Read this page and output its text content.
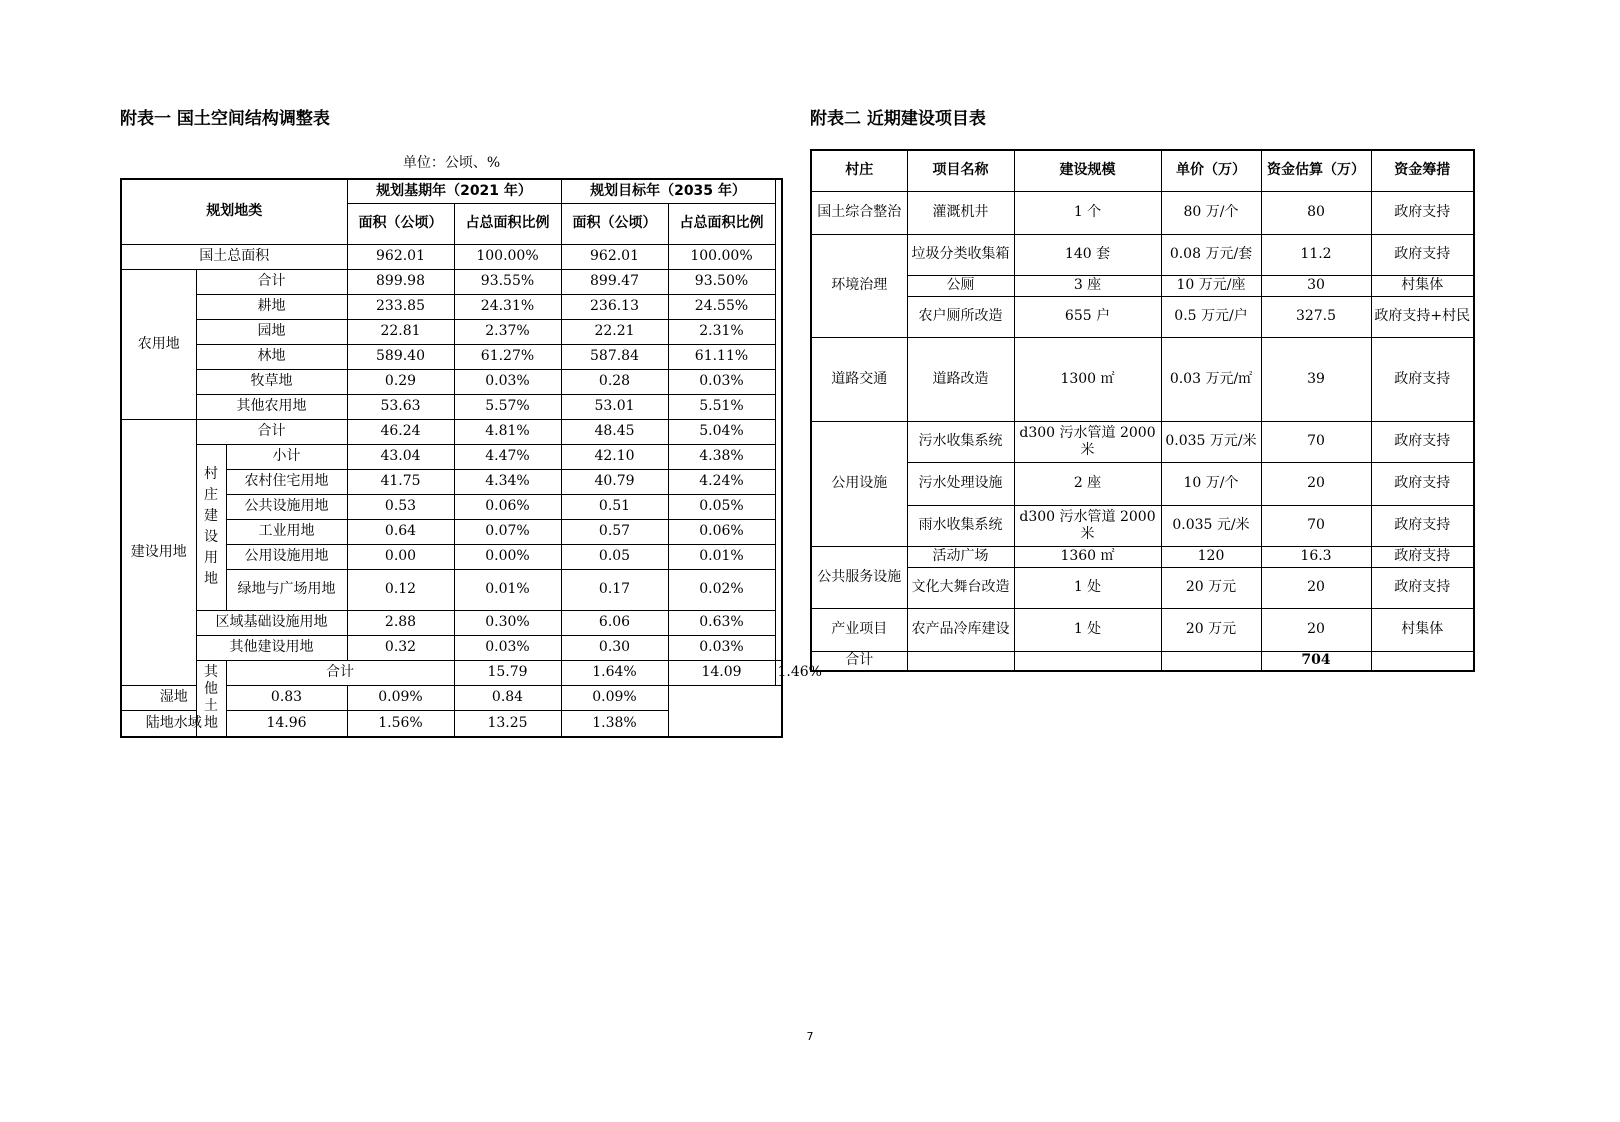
附表一 国土空间结构调整表
单位：公顷、%
规划地类			规划基期年（2021 年）		规划目标年（2035 年）		
			面积（公顷）	占总面积比例	面积（公顷）	占总面积比例	
国土总面积			962.01	100.00%	962.01	100.00%	
农用地	合计		899.98	93.55%	899.47	93.50%	
	耕地		233.85	24.31%	236.13	24.55%	
	园地		22.81	2.37%	22.21	2.31%	
	林地		589.40	61.27%	587.84	61.11%	
	牧草地		0.29	0.03%	0.28	0.03%	
	其他农用地		53.63	5.57%	53.01	5.51%	
建设用地	合计		46.24	4.81%	48.45	5.04%	
	村庄建设用地	小计	43.04	4.47%	42.10	4.38%	
		农村住宅用地	41.75	4.34%	40.79	4.24%	
		公共设施用地	0.53	0.06%	0.51	0.05%	
		工业用地	0.64	0.07%	0.57	0.06%	
		公用设施用地	0.00	0.00%	0.05	0.01%	
		绿地与广场用地	0.12	0.01%	0.17	0.02%	
	区域基础设施用地		2.88	0.30%	6.06	0.63%	
	其他建设用地		0.32	0.03%	0.30	0.03%	
	其他土地	合计		15.79	1.64%	14.09	1.46%
湿地		0.83	0.09%	0.84	0.09%		
陆地水域		14.96	1.56%	13.25	1.38%		
附表二 近期建设项目表
村庄	项目名称	建设规模	单价（万）	资金估算（万）	资金筹措
国土综合整治	灌溉机井	1 个	80 万/个	80	政府支持
环境治理	垃圾分类收集箱	140 套	0.08 万元/套	11.2	政府支持
	公厕	3 座	10 万元/座	30	村集体
	农户厕所改造	655 户	0.5 万元/户	327.5	政府支持+村民
道路交通	道路改造	1300 ㎡	0.03 万元/㎡	39	政府支持
公用设施	污水收集系统	d300 污水管道 2000 米	0.035 万元/米	70	政府支持
	污水处理设施	2 座	10 万/个	20	政府支持
	雨水收集系统	d300 污水管道 2000 米	0.035 元/米	70	政府支持
公共服务设施	活动广场	1360 ㎡	120	16.3	政府支持
	文化大舞台改造	1 处	20 万元	20	政府支持
产业项目	农产品冷库建设	1 处	20 万元	20	村集体
合计				704	
7
